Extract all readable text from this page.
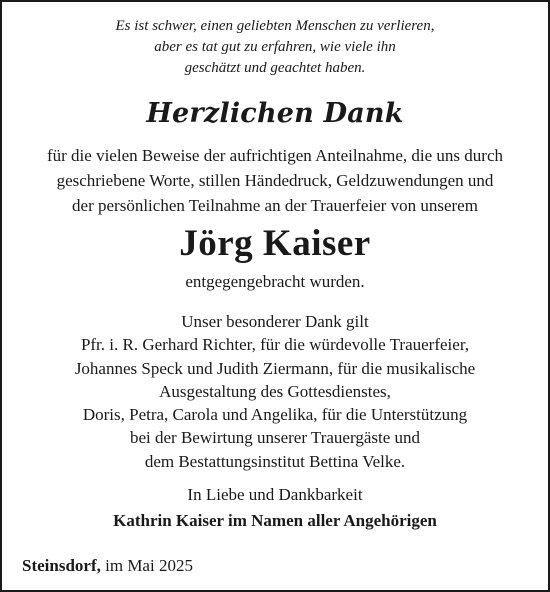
Es ist schwer, einen geliebten Menschen zu verlieren,
aber es tat gut zu erfahren, wie viele ihn
geschätzt und geachtet haben.
Herzlichen Dank
für die vielen Beweise der aufrichtigen Anteilnahme, die uns durch
geschriebene Worte, stillen Händedruck, Geldzuwendungen und
der persönlichen Teilnahme an der Trauerfeier von unserem
Jörg Kaiser
entgegengebracht wurden.
Unser besonderer Dank gilt
Pfr. i. R. Gerhard Richter, für die würdevolle Trauerfeier,
Johannes Speck und Judith Ziermann, für die musikalische
Ausgestaltung des Gottesdienstes,
Doris, Petra, Carola und Angelika, für die Unterstützung
bei der Bewirtung unserer Trauergäste und
dem Bestattungsinstitut Bettina Velke.
In Liebe und Dankbarkeit
Kathrin Kaiser im Namen aller Angehörigen
Steinsdorf, im Mai 2025
